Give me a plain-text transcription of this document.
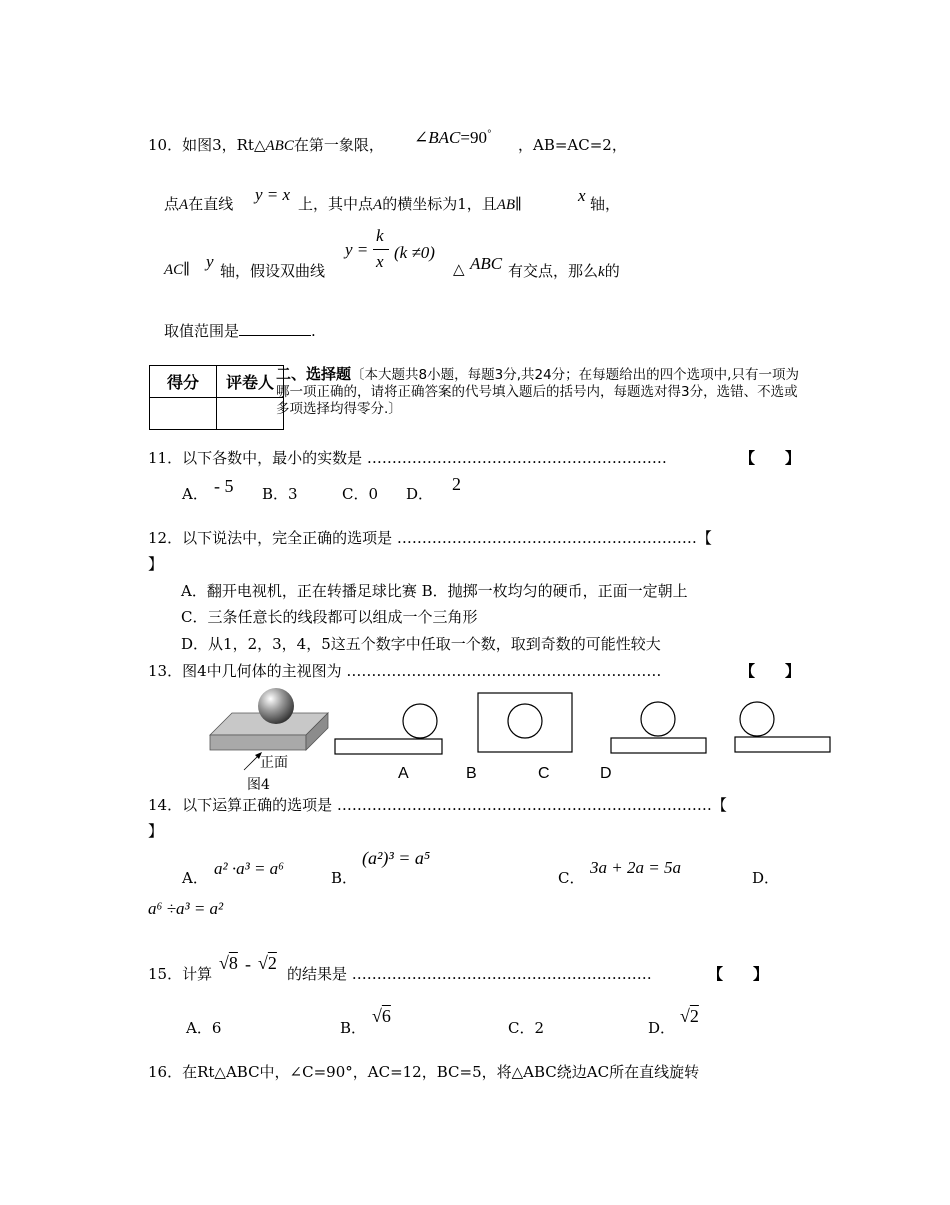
10．如图3，Rt△ABC在第一象限， ∠BAC=90°
，AB=AC=2，
点A在直线 y = x 上，其中点A的横坐标为1，且AB∥	x 轴，
AC∥ y 轴，假设双曲线
y =
k
x (k ≠0)
△ ABC 有交点，那么k的
取值范围是	.
得分	评卷人
	二、选择题〔本大题共8小题，每题3分,共24分；在每题给出的四个选项中,只有一项为哪一项正确的，请将正确答案的代号填入题后的括号内，每题选对得3分，选错、不选或多项选择均得零分.〕
11．以下各数中，最小的实数是 ……………………………………………………	【　　】
A． - 5 B．3	C．0 D． 2
12．以下说法中，完全正确的选项是 ……………………………………………………【
】
A．翻开电视机，正在转播足球比赛 B．抛掷一枚均匀的硬币，正面一定朝上
C．三条任意长的线段都可以组成一个三角形
D．从1，2，3，4，5这五个数字中任取一个数，取到奇数的可能性较大
13．图4中几何体的主视图为 ………………………………………………………	【　　】
正面
图4
A	B	C	D
14．以下运算正确的选项是 …………………………………………………………………【
】
A． a² ·a³ = a⁶	B．
(a²)³ = a⁵
C．
3a + 2a = 5a
D．
a⁶ ÷a³ = a²
15．计算
√8 - √2
的结果是 ……………………………………………………	【　　】
A．6	B．
√6
C．2	D．
√2
16．在Rt△ABC中，∠C=90°，AC=12，BC=5，将△ABC绕边AC所在直线旋转
